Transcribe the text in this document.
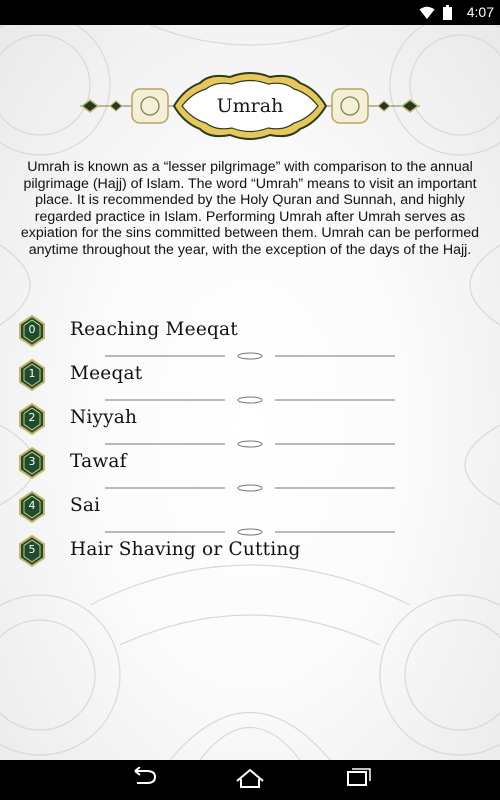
4:07
Umrah

Umrah is known as a “lesser pilgrimage” with comparison to the annual pilgrimage (Hajj) of Islam. The word “Umrah” means to visit an important place. It is recommended by the Holy Quran and Sunnah, and highly regarded practice in Islam. Performing Umrah after Umrah serves as expiation for the sins committed between them. Umrah can be performed anytime throughout the year, with the exception of the days of the Hajj.

0	Reaching Meeqat
1	Meeqat
2	Niyyah
3	Tawaf
4	Sai
5	Hair Shaving or Cutting
